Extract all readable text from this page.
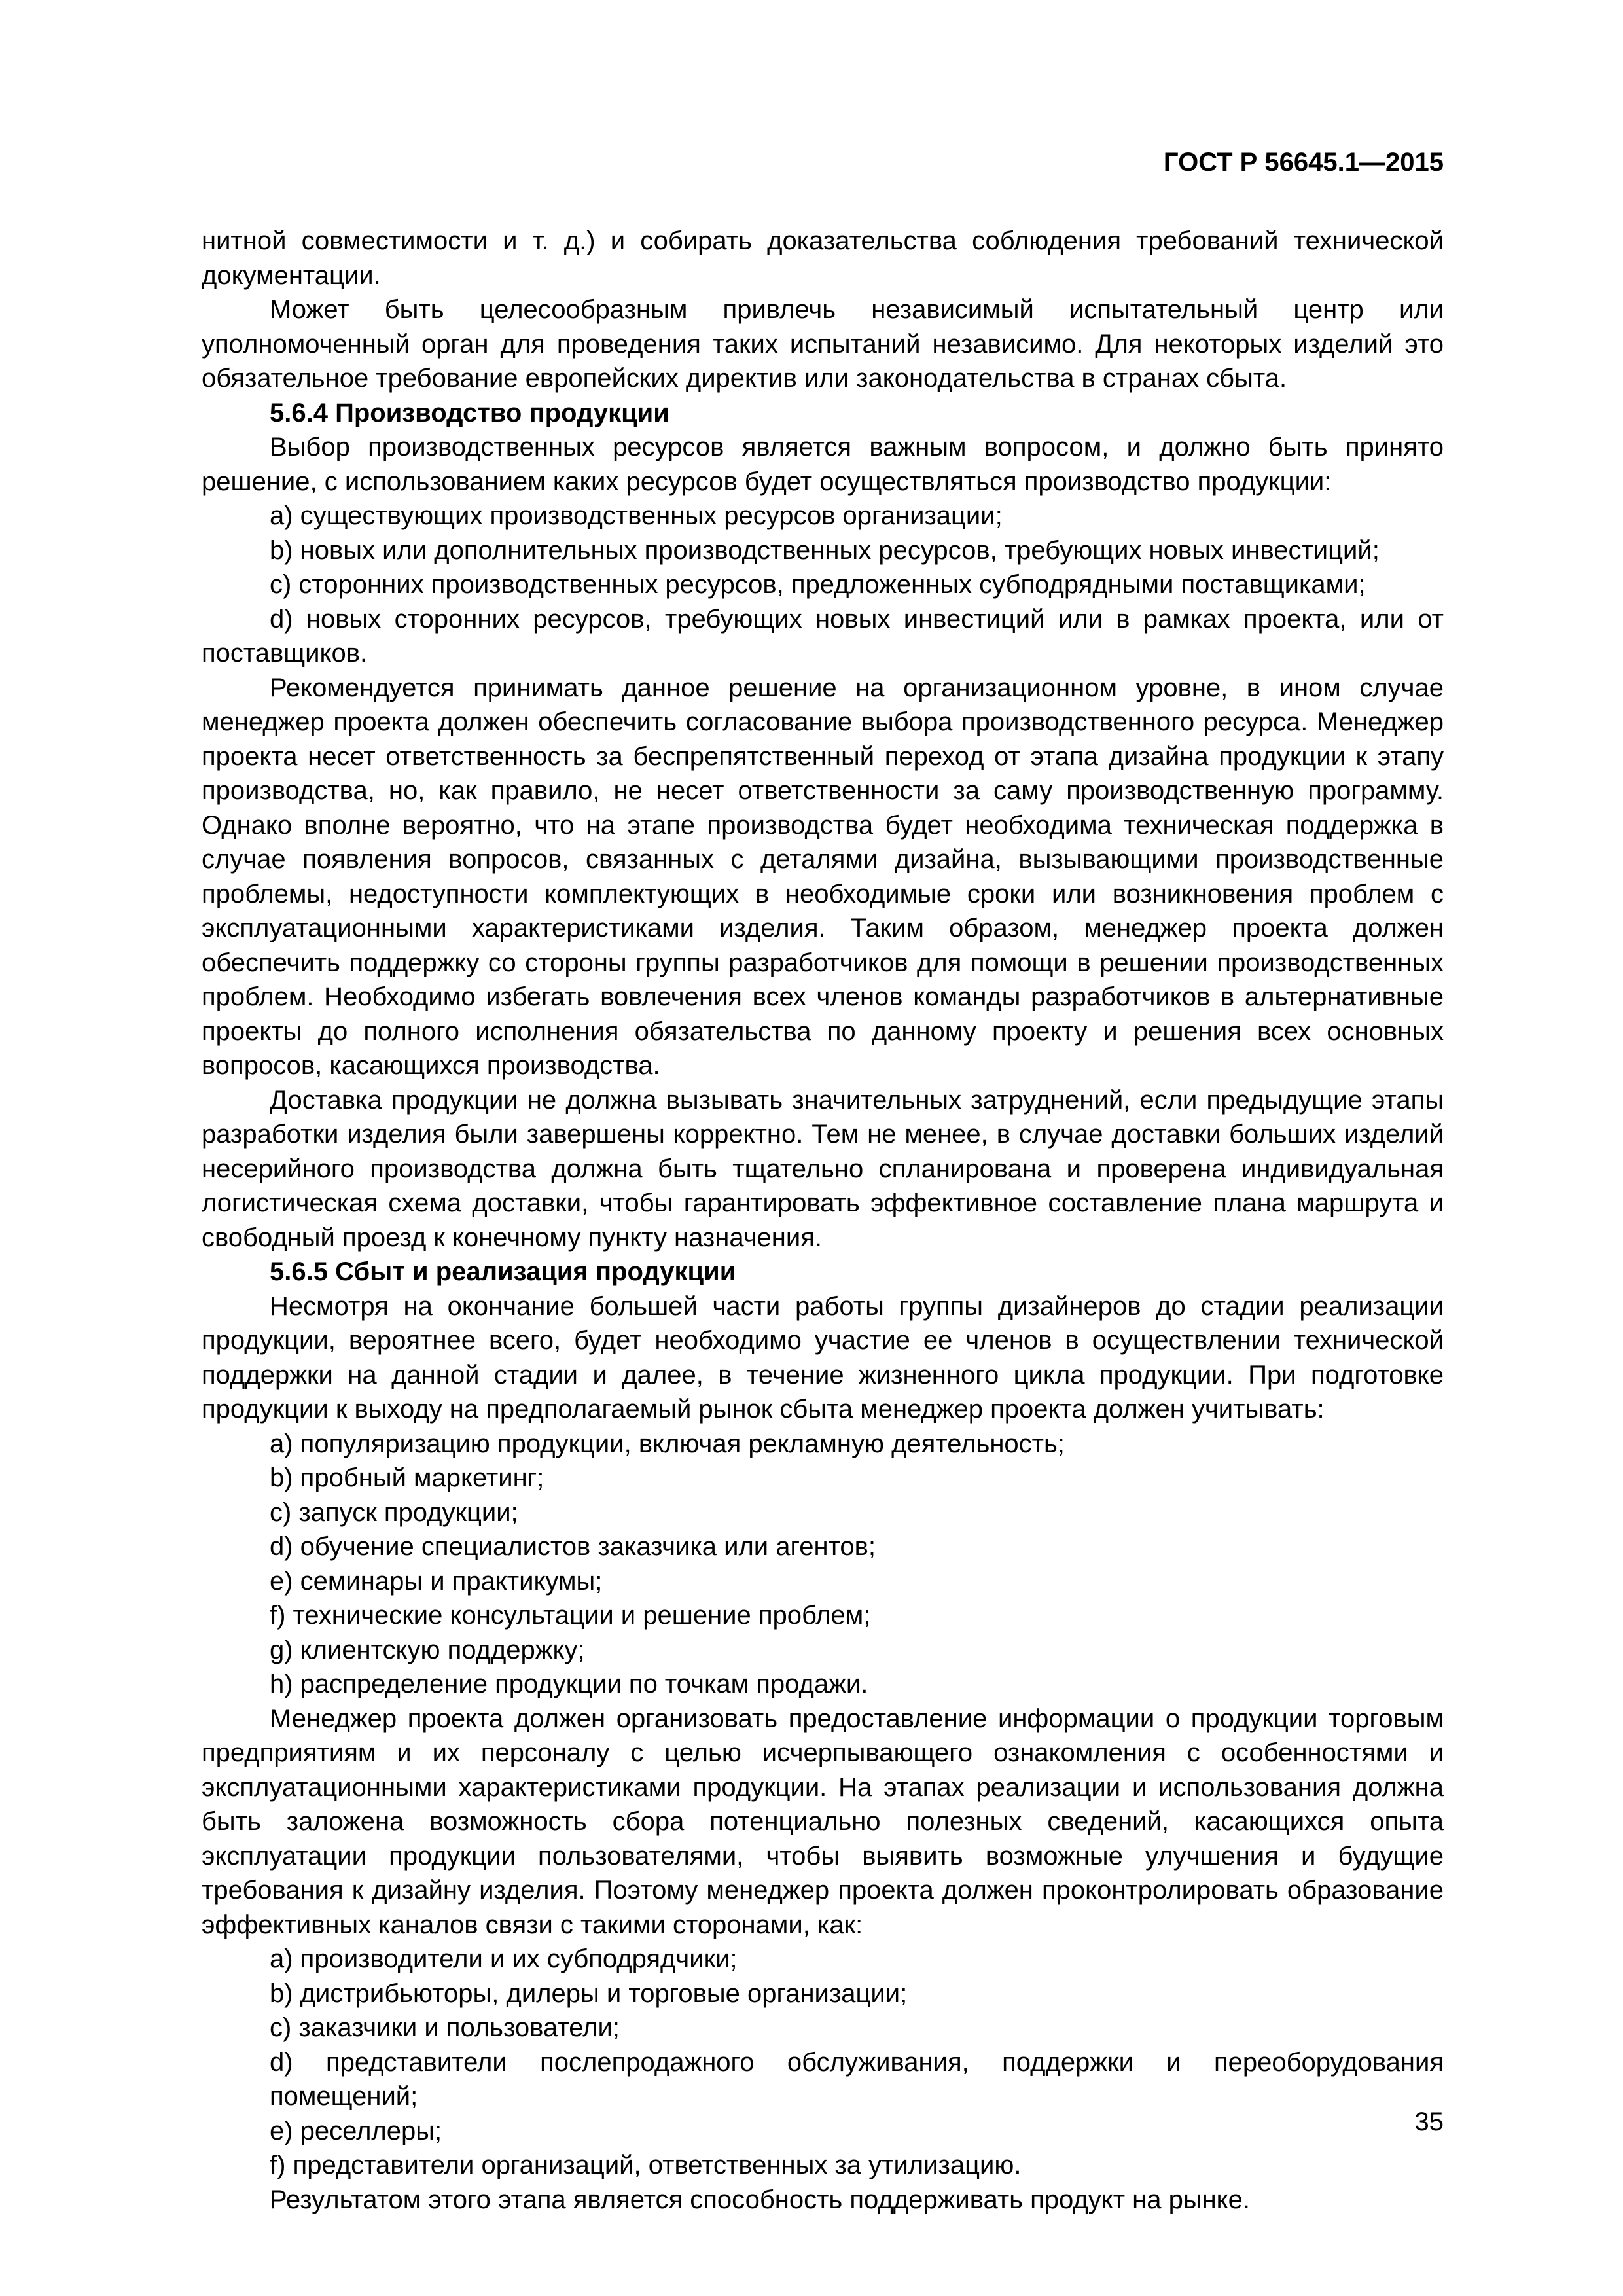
ГОСТ Р 56645.1—2015

нитной совместимости и т. д.) и собирать доказательства соблюдения требований технической документации.

Может быть целесообразным привлечь независимый испытательный центр или уполномоченный орган для проведения таких испытаний независимо. Для некоторых изделий это обязательное требование европейских директив или законодательства в странах сбыта.

5.6.4 Производство продукции

Выбор производственных ресурсов является важным вопросом, и должно быть принято решение, с использованием каких ресурсов будет осуществляться производство продукции:

a) существующих производственных ресурсов организации;

b) новых или дополнительных производственных ресурсов, требующих новых инвестиций;

c) сторонних производственных ресурсов, предложенных субподрядными поставщиками;

d) новых сторонних ресурсов, требующих новых инвестиций или в рамках проекта, или от поставщиков.

Рекомендуется принимать данное решение на организационном уровне, в ином случае менеджер проекта должен обеспечить согласование выбора производственного ресурса. Менеджер проекта несет ответственность за беспрепятственный переход от этапа дизайна продукции к этапу производства, но, как правило, не несет ответственности за саму производственную программу. Однако вполне вероятно, что на этапе производства будет необходима техническая поддержка в случае появления вопросов, связанных с деталями дизайна, вызывающими производственные проблемы, недоступности комплектующих в необходимые сроки или возникновения проблем с эксплуатационными характеристиками изделия. Таким образом, менеджер проекта должен обеспечить поддержку со стороны группы разработчиков для помощи в решении производственных проблем. Необходимо избегать вовлечения всех членов команды разработчиков в альтернативные проекты до полного исполнения обязательства по данному проекту и решения всех основных вопросов, касающихся производства.

Доставка продукции не должна вызывать значительных затруднений, если предыдущие этапы разработки изделия были завершены корректно. Тем не менее, в случае доставки больших изделий несерийного производства должна быть тщательно спланирована и проверена индивидуальная логистическая схема доставки, чтобы гарантировать эффективное составление плана маршрута и свободный проезд к конечному пункту назначения.

5.6.5 Сбыт и реализация продукции

Несмотря на окончание большей части работы группы дизайнеров до стадии реализации продукции, вероятнее всего, будет необходимо участие ее членов в осуществлении технической поддержки на данной стадии и далее, в течение жизненного цикла продукции. При подготовке продукции к выходу на предполагаемый рынок сбыта менеджер проекта должен учитывать:

a) популяризацию продукции, включая рекламную деятельность;

b) пробный маркетинг;

c) запуск продукции;

d) обучение специалистов заказчика или агентов;

e) семинары и практикумы;

f) технические консультации и решение проблем;

g) клиентскую поддержку;

h) распределение продукции по точкам продажи.

Менеджер проекта должен организовать предоставление информации о продукции торговым предприятиям и их персоналу с целью исчерпывающего ознакомления с особенностями и эксплуатационными характеристиками продукции. На этапах реализации и использования должна быть заложена возможность сбора потенциально полезных сведений, касающихся опыта эксплуатации продукции пользователями, чтобы выявить возможные улучшения и будущие требования к дизайну изделия. Поэтому менеджер проекта должен проконтролировать образование эффективных каналов связи с такими сторонами, как:

a) производители и их субподрядчики;

b) дистрибьюторы, дилеры и торговые организации;

c) заказчики и пользователи;

d) представители послепродажного обслуживания, поддержки и переоборудования помещений;

e) реселлеры;

f) представители организаций, ответственных за утилизацию.

Результатом этого этапа является способность поддерживать продукт на рынке.

35
